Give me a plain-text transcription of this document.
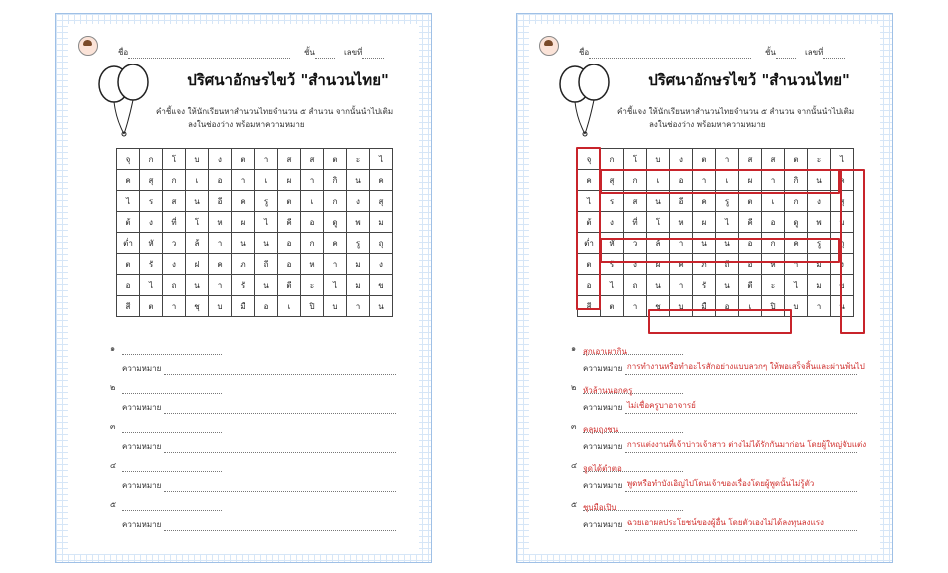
ชื่อ	ชั้น	เลขที่
ปริศนาอักษรไขว้ "สำนวนไทย"
คำชี้แจง ให้นักเรียนหาสำนวนไทยจำนวน ๕ สำนวน จากนั้นนำไปเติม
ลงในช่องว่าง พร้อมหาความหมาย
จุ	ก	โ	บ	ง	ต	า	ส	ส	ต	ะ	ไ
ค	สุ	ก	เ	อ	า	เ	ผ	า	กิ	น	ค
ไ	ร	ส	น	อี	ค	รู	ต	เ	ก	ง	สุ
ต้	ง	ที่	โ	ห	ผ	ไ	คี	อ	ดู	พ	ม
ต่ำ	หั	ว	ล้	า	น	น	อ	ก	ค	รู	ถุ
ต	รั	ง	ฝ	ค	ภ	ถี	อ	ห	า	ม	ง
อ	ไ	ถ	น	า	รั	น	ตี	ะ	ไ	ม	ข
สี	ต	า	ชุ	บ	มื	อ	เ	ปิ	บ	า	น
๑
ความหมาย
๒
ความหมาย
๓
ความหมาย
๔
ความหมาย
๕
ความหมาย
ชื่อ	ชั้น	เลขที่
ปริศนาอักษรไขว้ "สำนวนไทย"
คำชี้แจง ให้นักเรียนหาสำนวนไทยจำนวน ๕ สำนวน จากนั้นนำไปเติม
ลงในช่องว่าง พร้อมหาความหมาย
จุ	ก	โ	บ	ง	ต	า	ส	ส	ต	ะ	ไ
ค	สุ	ก	เ	อ	า	เ	ผ	า	กิ	น	ค
ไ	ร	ส	น	อี	ค	รู	ต	เ	ก	ง	สุ
ต้	ง	ที่	โ	ห	ผ	ไ	คี	อ	ดู	พ	ม
ต่ำ	หั	ว	ล้	า	น	น	อ	ก	ค	รู	ถุ
ต	รั	ง	ฝ	ค	ภ	ถี	อ	ห	า	ม	ง
อ	ไ	ถ	น	า	รั	น	ตี	ะ	ไ	ม	ข
สี	ต	า	ชุ	บ	มื	อ	เ	ปิ	บ	า	น
๑ สุกเอาเผากิน
ความหมาย การทำงานหรือทำอะไรสักอย่างแบบลวกๆ ให้พอเสร็จสิ้นและผ่านพ้นไป
๒ หัวล้านนอกครู
ความหมาย ไม่เชื่อครูบาอาจารย์
๓ คลุมถุงชน
ความหมาย การแต่งงานที่เจ้าบ่าวเจ้าสาว ต่างไม่ได้รักกันมาก่อน โดยผู้ใหญ่จับแต่ง
๔ จูดได้ตำตอ
ความหมาย พูดหรือทำบังเอิญไปโดนเจ้าของเรื่องโดยผู้พูดนั้นไม่รู้ตัว
๕ ชุบมือเปิบ
ความหมาย ฉวยเอาผลประโยชน์ของผู้อื่น โดยตัวเองไม่ได้ลงทุนลงแรง
